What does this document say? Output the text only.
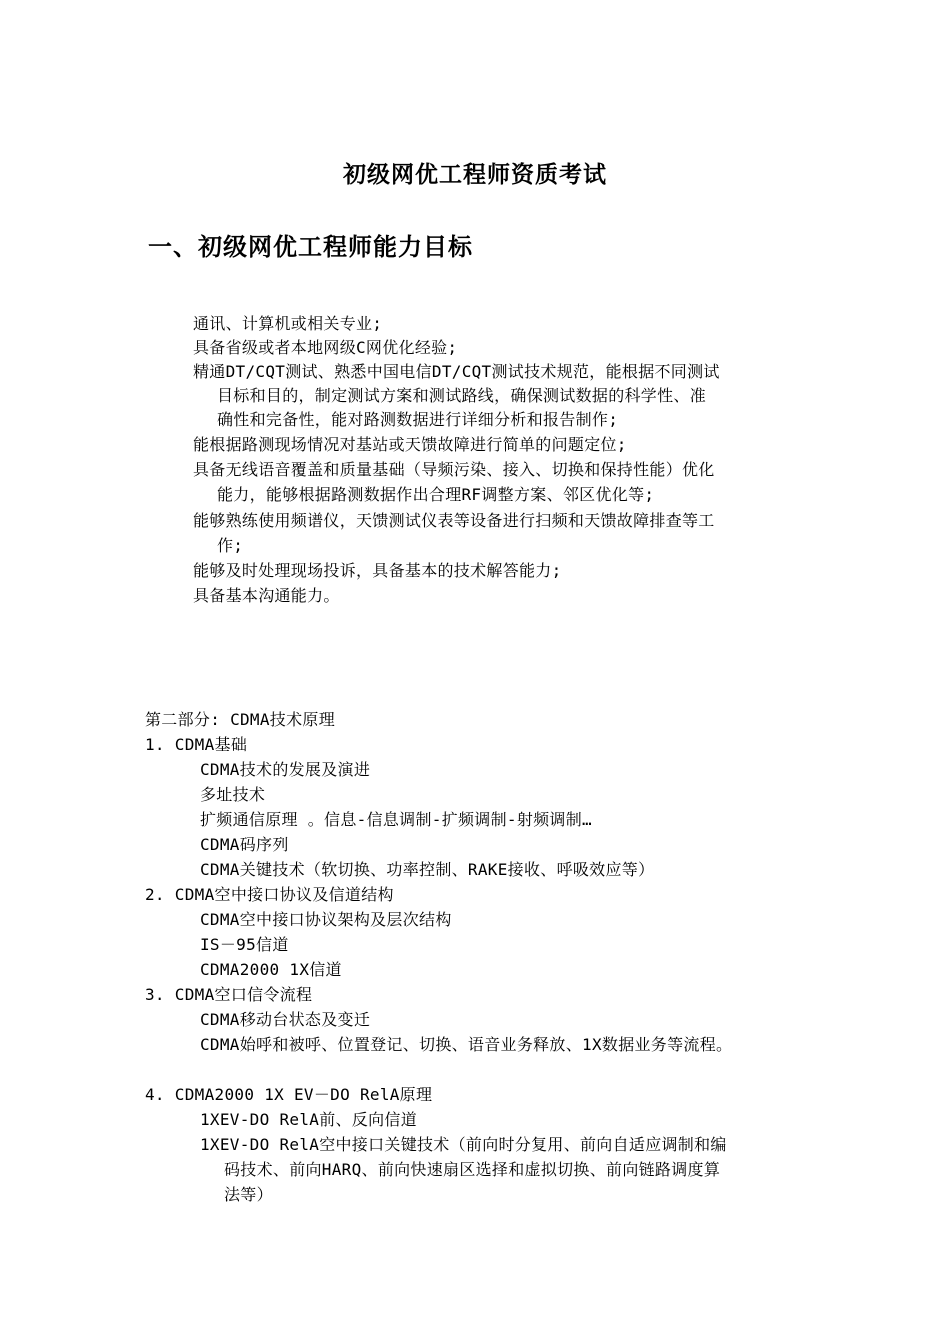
初级网优工程师资质考试
一、初级网优工程师能力目标
通讯、计算机或相关专业;
具备省级或者本地网级C网优化经验;
精通DT/CQT测试、熟悉中国电信DT/CQT测试技术规范，能根据不同测试
目标和目的，制定测试方案和测试路线，确保测试数据的科学性、准
确性和完备性，能对路测数据进行详细分析和报告制作;
能根据路测现场情况对基站或天馈故障进行简单的问题定位;
具备无线语音覆盖和质量基础（导频污染、接入、切换和保持性能）优化
能力，能够根据路测数据作出合理RF调整方案、邻区优化等;
能够熟练使用频谱仪，天馈测试仪表等设备进行扫频和天馈故障排查等工
作;
能够及时处理现场投诉，具备基本的技术解答能力;
具备基本沟通能力。
第二部分: CDMA技术原理
1. CDMA基础
CDMA技术的发展及演进
多址技术
扩频通信原理 。信息-信息调制-扩频调制-射频调制…
CDMA码序列
CDMA关键技术（软切换、功率控制、RAKE接收、呼吸效应等）
2. CDMA空中接口协议及信道结构
CDMA空中接口协议架构及层次结构
IS－95信道
CDMA2000 1X信道
3. CDMA空口信令流程
CDMA移动台状态及变迁
CDMA始呼和被呼、位置登记、切换、语音业务释放、1X数据业务等流程。
4. CDMA2000 1X EV－DO RelA原理
1XEV-DO RelA前、反向信道
1XEV-DO RelA空中接口关键技术（前向时分复用、前向自适应调制和编
码技术、前向HARQ、前向快速扇区选择和虚拟切换、前向链路调度算
法等）
